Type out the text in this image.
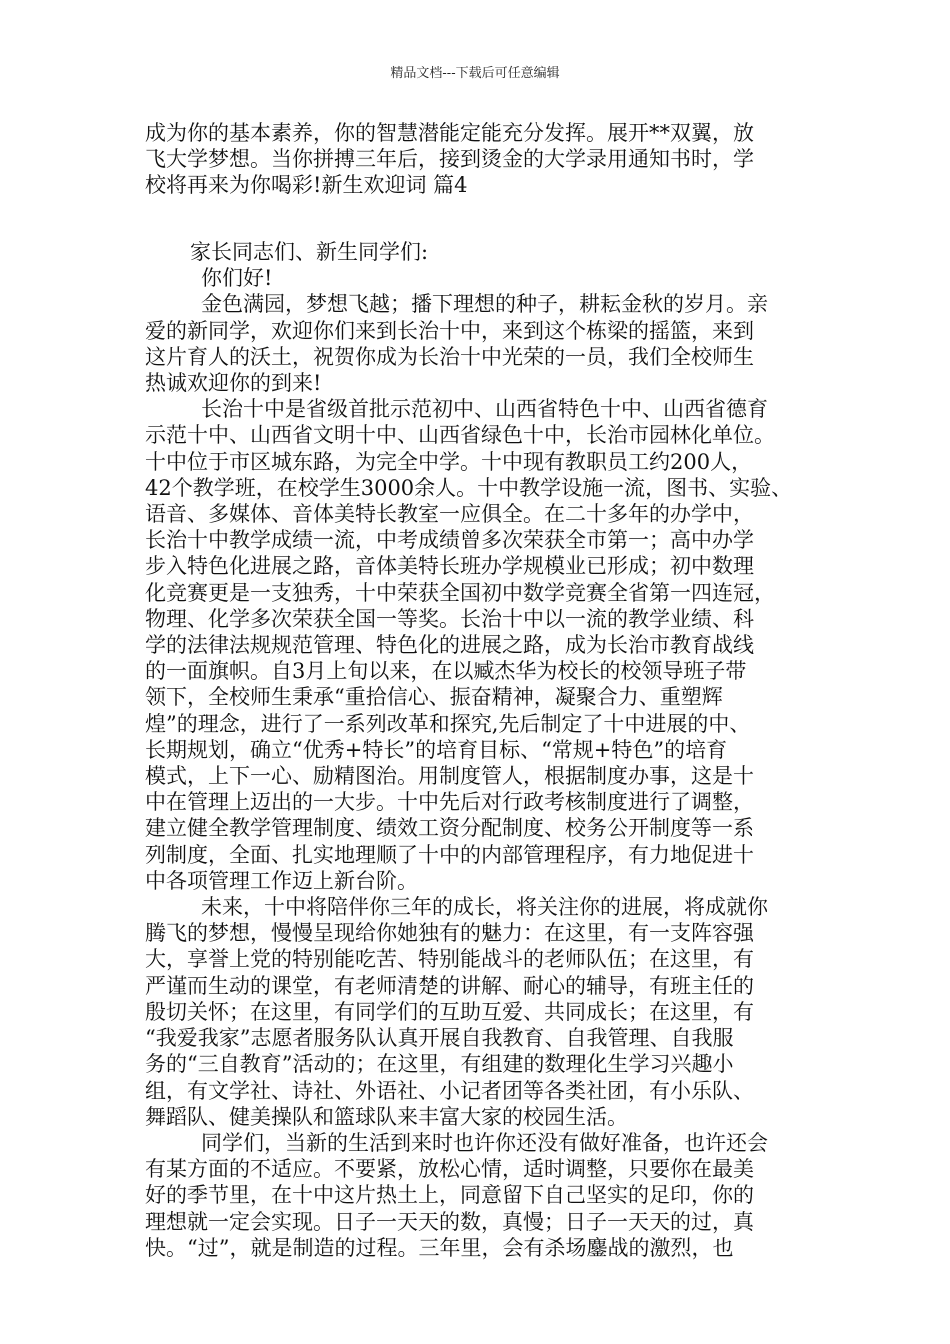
精品文档---下载后可任意编辑
成为你的基本素养，你的智慧潜能定能充分发挥。展开**双翼，放
飞大学梦想。当你拼搏三年后，接到烫金的大学录用通知书时，学
校将再来为你喝彩!新生欢迎词 篇4
家长同志们、新生同学们:
你们好!
金色满园，梦想飞越；播下理想的种子，耕耘金秋的岁月。亲
爱的新同学，欢迎你们来到长治十中，来到这个栋梁的摇篮，来到
这片育人的沃土，祝贺你成为长治十中光荣的一员，我们全校师生
热诚欢迎你的到来!
长治十中是省级首批示范初中、山西省特色十中、山西省德育
示范十中、山西省文明十中、山西省绿色十中，长治市园林化单位。
十中位于市区城东路，为完全中学。十中现有教职员工约200人，
42个教学班，在校学生3000余人。十中教学设施一流，图书、实验、
语音、多媒体、音体美特长教室一应俱全。在二十多年的办学中，
长治十中教学成绩一流，中考成绩曾多次荣获全市第一；高中办学
步入特色化进展之路，音体美特长班办学规模业已形成；初中数理
化竞赛更是一支独秀，十中荣获全国初中数学竞赛全省第一四连冠，
物理、化学多次荣获全国一等奖。长治十中以一流的教学业绩、科
学的法律法规规范管理、特色化的进展之路，成为长治市教育战线
的一面旗帜。自3月上旬以来，在以臧杰华为校长的校领导班子带
领下，全校师生秉承“重拾信心、振奋精神，凝聚合力、重塑辉
煌”的理念，进行了一系列改革和探究,先后制定了十中进展的中、
长期规划，确立“优秀+特长”的培育目标、“常规+特色”的培育
模式，上下一心、励精图治。用制度管人，根据制度办事，这是十
中在管理上迈出的一大步。十中先后对行政考核制度进行了调整，
建立健全教学管理制度、绩效工资分配制度、校务公开制度等一系
列制度，全面、扎实地理顺了十中的内部管理程序，有力地促进十
中各项管理工作迈上新台阶。
未来，十中将陪伴你三年的成长，将关注你的进展，将成就你
腾飞的梦想，慢慢呈现给你她独有的魅力：在这里，有一支阵容强
大，享誉上党的特别能吃苦、特别能战斗的老师队伍；在这里，有
严谨而生动的课堂，有老师清楚的讲解、耐心的辅导，有班主任的
殷切关怀；在这里，有同学们的互助互爱、共同成长；在这里，有
“我爱我家”志愿者服务队认真开展自我教育、自我管理、自我服
务的“三自教育”活动的；在这里，有组建的数理化生学习兴趣小
组，有文学社、诗社、外语社、小记者团等各类社团，有小乐队、
舞蹈队、健美操队和篮球队来丰富大家的校园生活。
同学们，当新的生活到来时也许你还没有做好准备，也许还会
有某方面的不适应。不要紧，放松心情，适时调整，只要你在最美
好的季节里，在十中这片热土上，同意留下自己坚实的足印，你的
理想就一定会实现。日子一天天的数，真慢；日子一天天的过，真
快。“过”，就是制造的过程。三年里，会有杀场鏖战的激烈，也
